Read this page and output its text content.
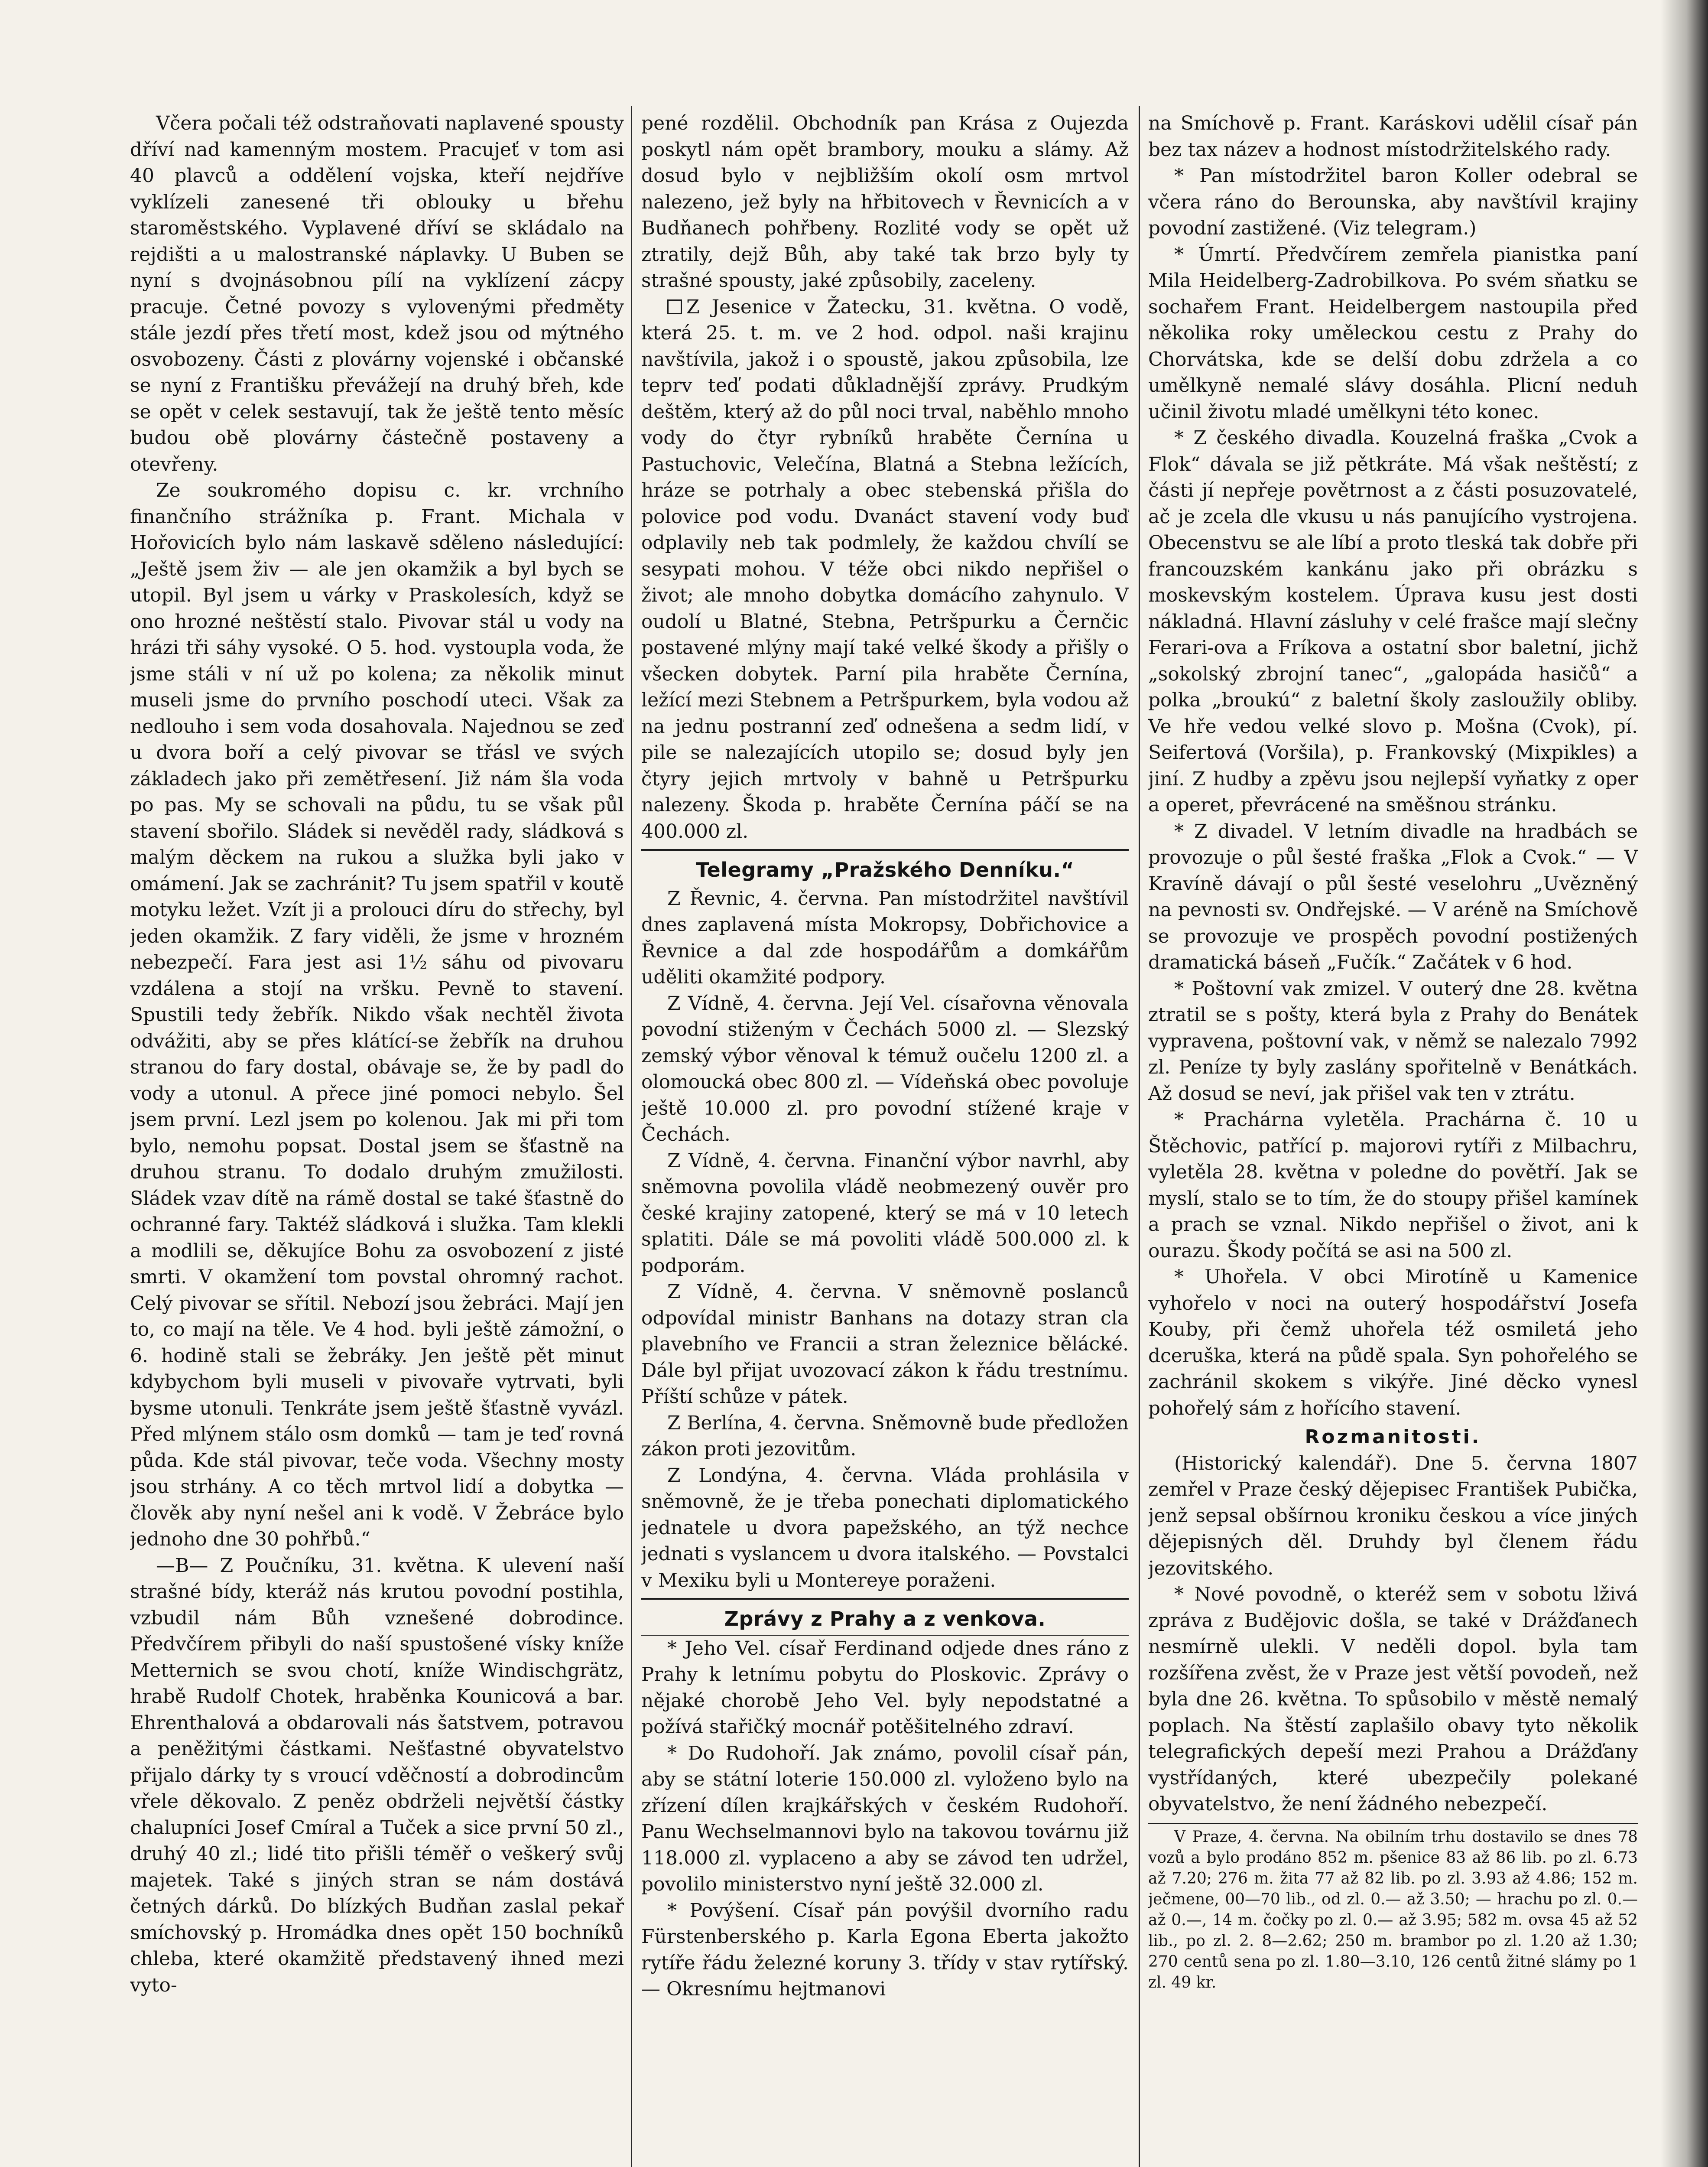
Včera počali též odstraňovati naplavené spousty dříví nad kamenným mostem. Pracujeť v tom asi 40 plavců a oddělení vojska, kteří nejdříve vyklízeli zanesené tři oblouky u břehu staroměstského. Vyplavené dříví se skládalo na rejdišti a u malostranské náplavky. U Buben se nyní s dvojnásobnou pílí na vyklízení zácpy pracuje. Četné povozy s vylovenými předměty stále jezdí přes třetí most, kdež jsou od mýtného osvobozeny. Části z plovárny vojenské i občanské se nyní z Františku převážejí na druhý břeh, kde se opět v celek sestavují, tak že ještě tento měsíc budou obě plovárny částečně postaveny a otevřeny.

Ze soukromého dopisu c. kr. vrchního finančního strážníka p. Frant. Michala v Hořovicích bylo nám laskavě sděleno následující: „Ještě jsem živ — ale jen okamžik a byl bych se utopil. Byl jsem u várky v Praskolesích, když se ono hrozné neštěstí stalo. Pivovar stál u vody na hrázi tři sáhy vysoké. O 5. hod. vystoupla voda, že jsme stáli v ní už po kolena; za několik minut museli jsme do prvního poschodí uteci. Však za nedlouho i sem voda dosahovala. Najednou se zeď u dvora boří a celý pivovar se třásl ve svých základech jako při zemětřesení. Již nám šla voda po pas. My se schovali na půdu, tu se však půl stavení sbořilo. Sládek si nevěděl rady, sládková s malým děckem na rukou a služka byli jako v omámení. Jak se zachránit? Tu jsem spatřil v koutě motyku ležet. Vzít ji a prolouci díru do střechy, byl jeden okamžik. Z fary viděli, že jsme v hrozném nebezpečí. Fara jest asi 1½ sáhu od pivovaru vzdálena a stojí na vršku. Pevně to stavení. Spustili tedy žebřík. Nikdo však nechtěl života odvážiti, aby se přes klátící-se žebřík na druhou stranou do fary dostal, obávaje se, že by padl do vody a utonul. A přece jiné pomoci nebylo. Šel jsem první. Lezl jsem po kolenou. Jak mi při tom bylo, nemohu popsat. Dostal jsem se šťastně na druhou stranu. To dodalo druhým zmužilosti. Sládek vzav dítě na rámě dostal se také šťastně do ochranné fary. Taktéž sládková i služka. Tam klekli a modlili se, děkujíce Bohu za osvobození z jisté smrti. V okamžení tom povstal ohromný rachot. Celý pivovar se sřítil. Nebozí jsou žebráci. Mají jen to, co mají na těle. Ve 4 hod. byli ještě zámožní, o 6. hodině stali se žebráky. Jen ještě pět minut kdybychom byli museli v pivovaře vytrvati, byli bysme utonuli. Tenkráte jsem ještě šťastně vyvázl. Před mlýnem stálo osm domků — tam je teď rovná půda. Kde stál pivovar, teče voda. Všechny mosty jsou strhány. A co těch mrtvol lidí a dobytka — člověk aby nyní nešel ani k vodě. V Žebráce bylo jednoho dne 30 pohřbů.“

—B— Z Poučníku, 31. května. K ulevení naší strašné bídy, kteráž nás krutou povodní postihla, vzbudil nám Bůh vznešené dobrodince. Předvčírem přibyli do naší spustošené vísky kníže Metternich se svou chotí, kníže Windischgrätz, hrabě Rudolf Chotek, hraběnka Kounicová a bar. Ehrenthalová a obdarovali nás šatstvem, potravou a peněžitými částkami. Nešťastné obyvatelstvo přijalo dárky ty s vroucí vděčností a dobrodincům vřele děkovalo. Z peněz obdrželi největší částky chalupníci Josef Cmíral a Tuček a sice první 50 zl., druhý 40 zl.; lidé tito přišli téměř o veškerý svůj majetek. Také s jiných stran se nám dostává četných dárků. Do blízkých Budňan zaslal pekař smíchovský p. Hromádka dnes opět 150 bochníků chleba, které okamžitě představený ihned mezi vyto-

pené rozdělil. Obchodník pan Krása z Oujezda poskytl nám opět brambory, mouku a slámy. Až dosud bylo v nejbližším okolí osm mrtvol nalezeno, jež byly na hřbitovech v Řevnicích a v Budňanech pohřbeny. Rozlité vody se opět už ztratily, dejž Bůh, aby také tak brzo byly ty strašné spousty, jaké způsobily, zaceleny.

Z Jesenice v Žatecku, 31. května. O vodě, která 25. t. m. ve 2 hod. odpol. naši krajinu navštívila, jakož i o spoustě, jakou způsobila, lze teprv teď podati důkladnější zprávy. Prudkým deštěm, který až do půl noci trval, naběhlo mnoho vody do čtyr rybníků hraběte Černína u Pastuchovic, Velečína, Blatná a Stebna ležících, hráze se potrhaly a obec stebenská přišla do polovice pod vodu. Dvanáct stavení vody buď odplavily neb tak podmlely, že každou chvílí se sesypati mohou. V téže obci nikdo nepřišel o život; ale mnoho dobytka domácího zahynulo. V oudolí u Blatné, Stebna, Petršpurku a Černčic postavené mlýny mají také velké škody a přišly o všecken dobytek. Parní pila hraběte Černína, ležící mezi Stebnem a Petršpurkem, byla vodou až na jednu postranní zeď odnešena a sedm lidí, v pile se nalezajících utopilo se; dosud byly jen čtyry jejich mrtvoly v bahně u Petršpurku nalezeny. Škoda p. hraběte Černína páčí se na 400.000 zl.

Telegramy „Pražského Denníku.“

Z Řevnic, 4. června. Pan místodržitel navštívil dnes zaplavená místa Mokropsy, Dobřichovice a Řevnice a dal zde hospodářům a domkářům uděliti okamžité podpory.

Z Vídně, 4. června. Její Vel. císařovna věnovala povodní stiženým v Čechách 5000 zl. — Slezský zemský výbor věnoval k témuž oučelu 1200 zl. a olomoucká obec 800 zl. — Vídeňská obec povoluje ještě 10.000 zl. pro povodní stížené kraje v Čechách.

Z Vídně, 4. června. Finanční výbor navrhl, aby sněmovna povolila vládě neobmezený ouvěr pro české krajiny zatopené, který se má v 10 letech splatiti. Dále se má povoliti vládě 500.000 zl. k podporám.

Z Vídně, 4. června. V sněmovně poslanců odpovídal ministr Banhans na dotazy stran cla plavebního ve Francii a stran železnice bělácké. Dále byl přijat uvozovací zákon k řádu trestnímu. Příští schůze v pátek.

Z Berlína, 4. června. Sněmovně bude předložen zákon proti jezovitům.

Z Londýna, 4. června. Vláda prohlásila v sněmovně, že je třeba ponechati diplomatického jednatele u dvora papežského, an týž nechce jednati s vyslancem u dvora italského. — Povstalci v Mexiku byli u Montereye poraženi.

Zprávy z Prahy a z venkova.

* Jeho Vel. císař Ferdinand odjede dnes ráno z Prahy k letnímu pobytu do Ploskovic. Zprávy o nějaké chorobě Jeho Vel. byly nepodstatné a požívá stařičký mocnář potěšitelného zdraví.

* Do Rudohoří. Jak známo, povolil císař pán, aby se státní loterie 150.000 zl. vyloženo bylo na zřízení dílen krajkářských v českém Rudohoří. Panu Wechselmannovi bylo na takovou továrnu již 118.000 zl. vyplaceno a aby se závod ten udržel, povolilo ministerstvo nyní ještě 32.000 zl.

* Povýšení. Císař pán povýšil dvorního radu Fürstenberského p. Karla Egona Eberta jakožto rytíře řádu železné koruny 3. třídy v stav rytířský. — Okresnímu hejtmanovi

na Smíchově p. Frant. Karáskovi udělil císař pán bez tax název a hodnost místodržitelského rady.

* Pan místodržitel baron Koller odebral se včera ráno do Berounska, aby navštívil krajiny povodní zastižené. (Viz telegram.)

* Úmrtí. Předvčírem zemřela pianistka paní Mila Heidelberg-Zadrobilkova. Po svém sňatku se sochařem Frant. Heidelbergem nastoupila před několika roky uměleckou cestu z Prahy do Chorvátska, kde se delší dobu zdržela a co umělkyně nemalé slávy dosáhla. Plicní neduh učinil životu mladé umělkyni této konec.

* Z českého divadla. Kouzelná fraška „Cvok a Flok“ dávala se již pětkráte. Má však neštěstí; z části jí nepřeje povětrnost a z části posuzovatelé, ač je zcela dle vkusu u nás panujícího vystrojena. Obecenstvu se ale líbí a proto tleská tak dobře při francouzském kankánu jako při obrázku s moskevským kostelem. Úprava kusu jest dosti nákladná. Hlavní zásluhy v celé frašce mají slečny Ferari-ova a Fríkova a ostatní sbor baletní, jichž „sokolský zbrojní tanec“, „galopáda hasičů“ a polka „broukú“ z baletní školy zasloužily obliby. Ve hře vedou velké slovo p. Mošna (Cvok), pí. Seifertová (Voršila), p. Frankovský (Mixpikles) a jiní. Z hudby a zpěvu jsou nejlepší vyňatky z oper a operet, převrácené na směšnou stránku.

* Z divadel. V letním divadle na hradbách se provozuje o půl šesté fraška „Flok a Cvok.“ — V Kravíně dávají o půl šesté veselohru „Uvězněný na pevnosti sv. Ondřejské. — V aréně na Smíchově se provozuje ve prospěch povodní postižených dramatická báseň „Fučík.“ Začátek v 6 hod.

* Poštovní vak zmizel. V outerý dne 28. května ztratil se s pošty, která byla z Prahy do Benátek vypravena, poštovní vak, v němž se nalezalo 7992 zl. Peníze ty byly zaslány spořitelně v Benátkách. Až dosud se neví, jak přišel vak ten v ztrátu.

* Prachárna vyletěla. Prachárna č. 10 u Štěchovic, patřící p. majorovi rytíři z Milbachru, vyletěla 28. května v poledne do povětří. Jak se myslí, stalo se to tím, že do stoupy přišel kamínek a prach se vznal. Nikdo nepřišel o život, ani k ourazu. Škody počítá se asi na 500 zl.

* Uhořela. V obci Mirotíně u Kamenice vyhořelo v noci na outerý hospodářství Josefa Kouby, při čemž uhořela též osmiletá jeho dceruška, která na půdě spala. Syn pohořelého se zachránil skokem s vikýře. Jiné děcko vynesl pohořelý sám z hořícího stavení.

Rozmanitosti.

(Historický kalendář). Dne 5. června 1807 zemřel v Praze český dějepisec František Pubička, jenž sepsal obšírnou kroniku českou a více jiných dějepisných děl. Druhdy byl členem řádu jezovitského.

* Nové povodně, o kteréž sem v sobotu lživá zpráva z Budějovic došla, se také v Drážďanech nesmírně ulekli. V neděli dopol. byla tam rozšířena zvěst, že v Praze jest větší povodeň, než byla dne 26. května. To spůsobilo v městě nemalý poplach. Na štěstí zaplašilo obavy tyto několik telegrafických depeší mezi Prahou a Drážďany vystřídaných, které ubezpečily polekané obyvatelstvo, že není žádného nebezpečí.

V Praze, 4. června. Na obilním trhu dostavilo se dnes 78 vozů a bylo prodáno 852 m. pšenice 83 až 86 lib. po zl. 6.73 až 7.20; 276 m. žita 77 až 82 lib. po zl. 3.93 až 4.86; 152 m. ječmene, 00—70 lib., od zl. 0.— až 3.50; — hrachu po zl. 0.— až 0.—, 14 m. čočky po zl. 0.— až 3.95; 582 m. ovsa 45 až 52 lib., po zl. 2. 8—2.62; 250 m. brambor po zl. 1.20 až 1.30; 270 centů sena po zl. 1.80—3.10, 126 centů žitné slámy po 1 zl. 49 kr.
